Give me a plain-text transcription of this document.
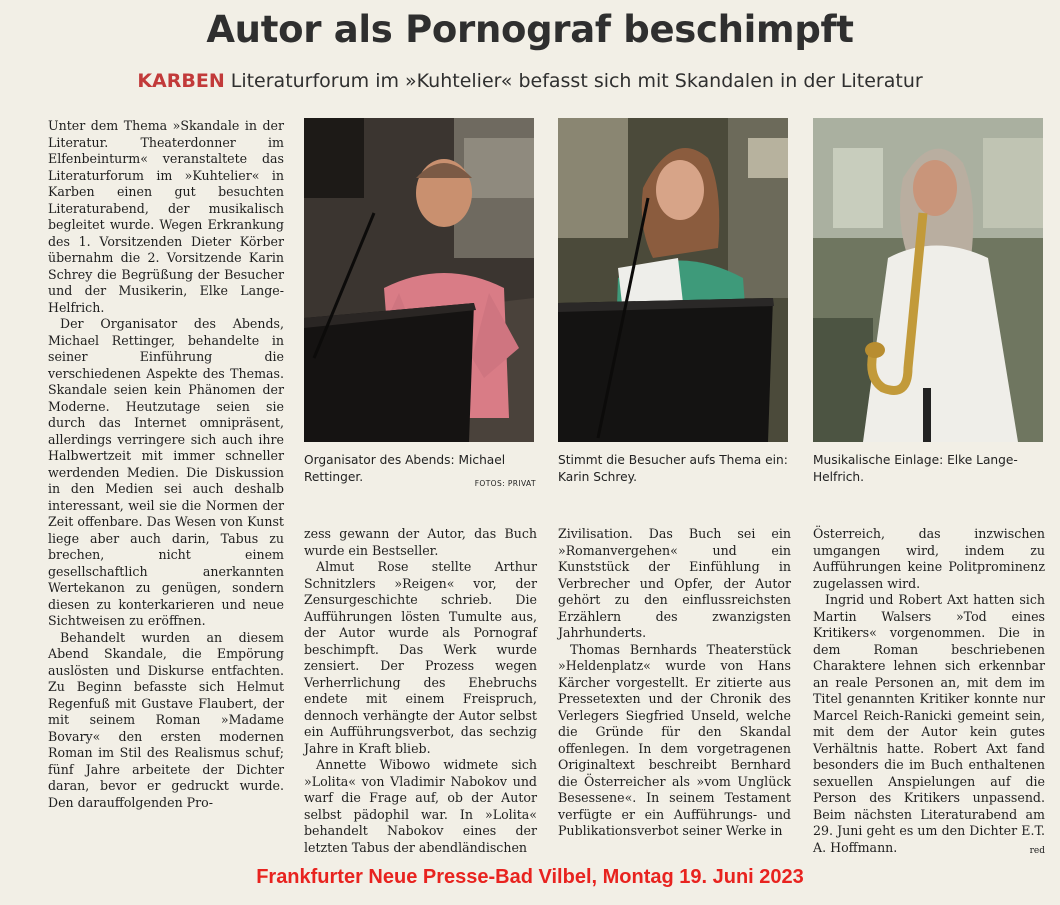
Autor als Pornograf beschimpft
KARBEN Literaturforum im »Kuhtelier« befasst sich mit Skandalen in der Literatur

Unter dem Thema »Skandale in der Literatur. Theaterdonner im Elfenbeinturm« veranstaltete das Literaturforum im »Kuhtelier« in Karben einen gut besuchten Literaturabend, der musikalisch begleitet wurde. Wegen Erkrankung des 1. Vorsitzenden Dieter Körber übernahm die 2. Vorsitzende Karin Schrey die Begrüßung der Besucher und der Musikerin, Elke Lange-Helfrich.

Der Organisator des Abends, Michael Rettinger, behandelte in seiner Einführung die verschiedenen Aspekte des Themas. Skandale seien kein Phänomen der Moderne. Heutzutage seien sie durch das Internet omnipräsent, allerdings verringere sich auch ihre Halbwertzeit mit immer schneller werdenden Medien. Die Diskussion in den Medien sei auch deshalb interessant, weil sie die Normen der Zeit offenbare. Das Wesen von Kunst liege aber auch darin, Tabus zu brechen, nicht einem gesellschaftlich anerkannten Wertekanon zu genügen, sondern diesen zu konterkarieren und neue Sichtweisen zu eröffnen.

Behandelt wurden an diesem Abend Skandale, die Empörung auslösten und Diskurse entfachten. Zu Beginn befasste sich Helmut Regenfuß mit Gustave Flaubert, der mit seinem Roman »Madame Bovary« den ersten modernen Roman im Stil des Realismus schuf; fünf Jahre arbeitete der Dichter daran, bevor er gedruckt wurde. Den darauffolgenden Pro-

Organisator des Abends: Michael Rettinger.	FOTOS: PRIVAT
Stimmt die Besucher aufs Thema ein: Karin Schrey.
Musikalische Einlage: Elke Lange-Helfrich.

zess gewann der Autor, das Buch wurde ein Bestseller.

Almut Rose stellte Arthur Schnitzlers »Reigen« vor, der Zensurgeschichte schrieb. Die Aufführungen lösten Tumulte aus, der Autor wurde als Pornograf beschimpft. Das Werk wurde zensiert. Der Prozess wegen Verherrlichung des Ehebruchs endete mit einem Freispruch, dennoch verhängte der Autor selbst ein Aufführungsverbot, das sechzig Jahre in Kraft blieb.

Annette Wibowo widmete sich »Lolita« von Vladimir Nabokov und warf die Frage auf, ob der Autor selbst pädophil war. In »Lolita« behandelt Nabokov eines der letzten Tabus der abendländischen

Zivilisation. Das Buch sei ein »Romanvergehen« und ein Kunststück der Einfühlung in Verbrecher und Opfer, der Autor gehört zu den einflussreichsten Erzählern des zwanzigsten Jahrhunderts.

Thomas Bernhards Theaterstück »Heldenplatz« wurde von Hans Kärcher vorgestellt. Er zitierte aus Pressetexten und der Chronik des Verlegers Siegfried Unseld, welche die Gründe für den Skandal offenlegen. In dem vorgetragenen Originaltext beschreibt Bernhard die Österreicher als »vom Unglück Besessene«. In seinem Testament verfügte er ein Aufführungs- und Publikationsverbot seiner Werke in

Österreich, das inzwischen umgangen wird, indem zu Aufführungen keine Politprominenz zugelassen wird.

Ingrid und Robert Axt hatten sich Martin Walsers »Tod eines Kritikers« vorgenommen. Die in dem Roman beschriebenen Charaktere lehnen sich erkennbar an reale Personen an, mit dem im Titel genannten Kritiker konnte nur Marcel Reich-Ranicki gemeint sein, mit dem der Autor kein gutes Verhältnis hatte. Robert Axt fand besonders die im Buch enthaltenen sexuellen Anspielungen auf die Person des Kritikers unpassend. Beim nächsten Literaturabend am 29. Juni geht es um den Dichter E.T. A. Hoffmann.	red

Frankfurter Neue Presse-Bad Vilbel, Montag 19. Juni 2023
